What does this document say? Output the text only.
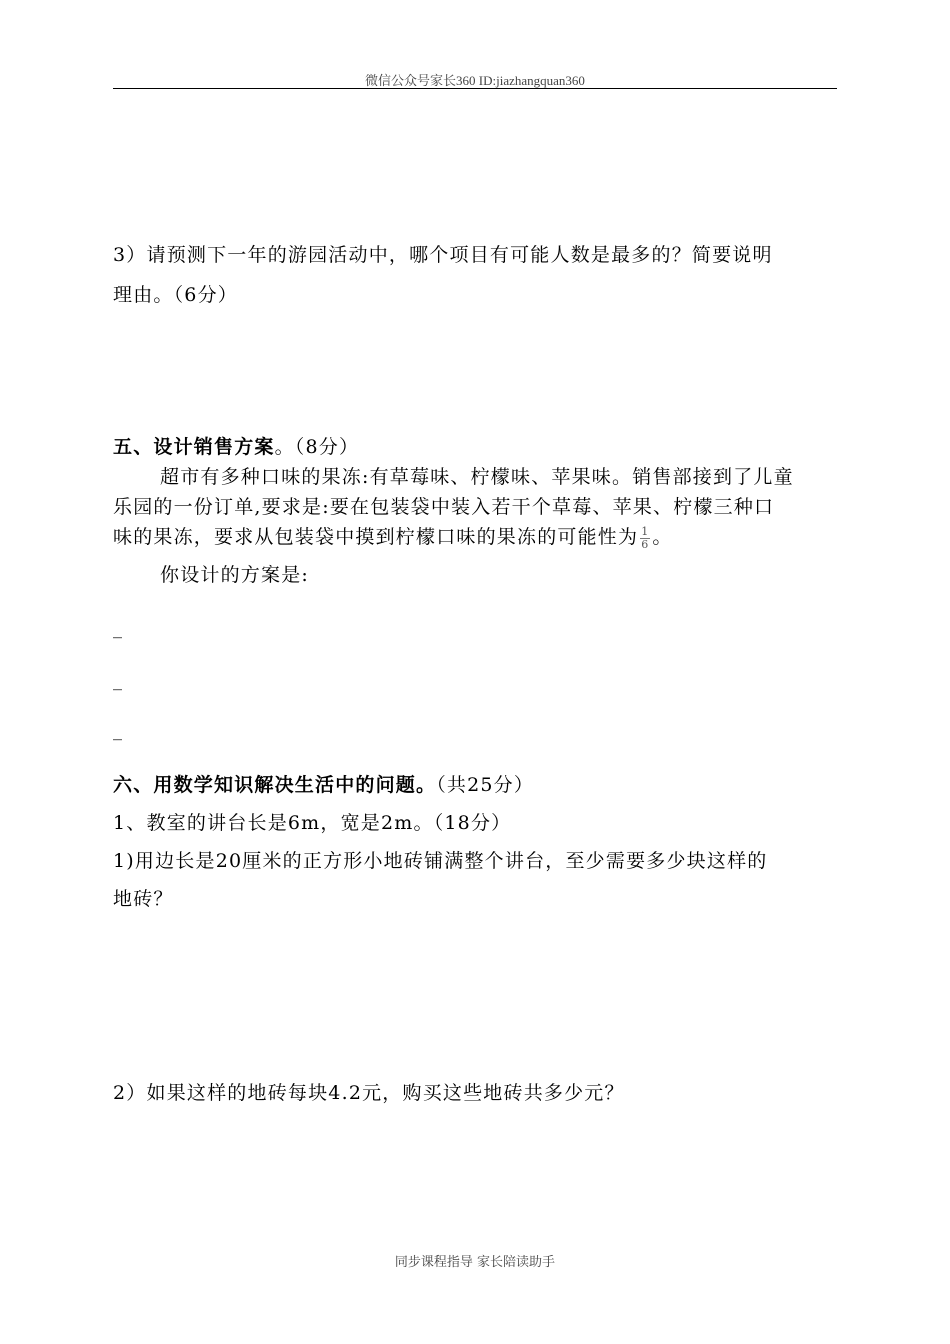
微信公众号家长360 ID:jiazhangquan360
3）请预测下一年的游园活动中，哪个项目有可能人数是最多的？简要说明
理由。（6分）
五、设计销售方案。（8分）
超市有多种口味的果冻:有草莓味、柠檬味、苹果味。销售部接到了儿童
乐园的一份订单,要求是:要在包装袋中装入若干个草莓、苹果、柠檬三种口
味的果冻，要求从包装袋中摸到柠檬口味的果冻的可能性为 $\frac{1}{6}$ 。
你设计的方案是:
_
_
_
六、用数学知识解决生活中的问题。（共25分）
1、教室的讲台长是6m，宽是2m。（18分）
1)用边长是20厘米的正方形小地砖铺满整个讲台，至少需要多少块这样的
地砖？
2）如果这样的地砖每块4.2元，购买这些地砖共多少元？
同步课程指导 家长陪读助手
